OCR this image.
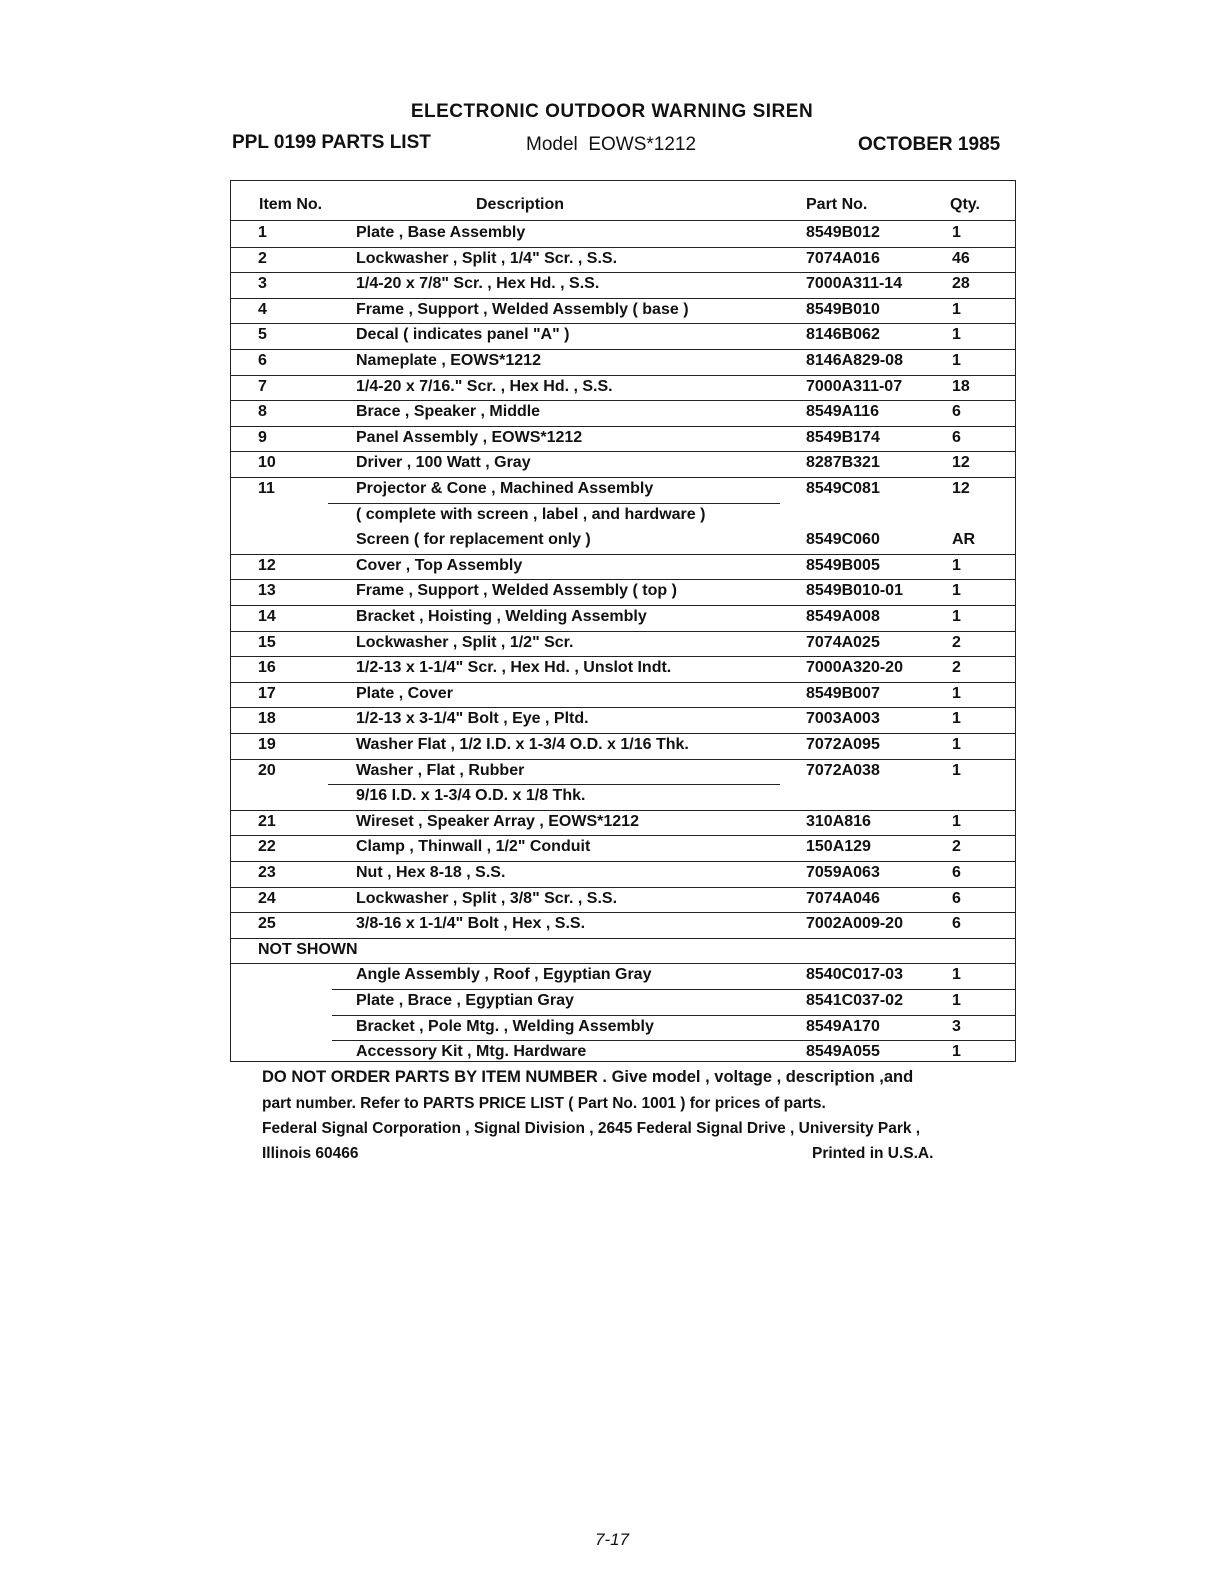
ELECTRONIC OUTDOOR WARNING SIREN
PPL 0199 PARTS LIST	Model EOWS*1212	OCTOBER 1985
Item No.	Description	Part No.	Qty.
1	Plate , Base Assembly	8549B012	1
2	Lockwasher , Split , 1/4" Scr. , S.S.	7074A016	46
3	1/4-20 x 7/8" Scr. , Hex Hd. , S.S.	7000A311-14	28
4	Frame , Support , Welded Assembly ( base )	8549B010	1
5	Decal ( indicates panel "A" )	8146B062	1
6	Nameplate , EOWS*1212	8146A829-08	1
7	1/4-20 x 7/16." Scr. , Hex Hd. , S.S.	7000A311-07	18
8	Brace , Speaker , Middle	8549A116	6
9	Panel Assembly , EOWS*1212	8549B174	6
10	Driver , 100 Watt , Gray	8287B321	12
11	Projector & Cone , Machined Assembly	8549C081	12
( complete with screen , label , and hardware )
Screen ( for replacement only )	8549C060	AR
12	Cover , Top Assembly	8549B005	1
13	Frame , Support , Welded Assembly ( top )	8549B010-01	1
14	Bracket , Hoisting , Welding Assembly	8549A008	1
15	Lockwasher , Split , 1/2" Scr.	7074A025	2
16	1/2-13 x 1-1/4" Scr. , Hex Hd. , Unslot Indt.	7000A320-20	2
17	Plate , Cover	8549B007	1
18	1/2-13 x 3-1/4" Bolt , Eye , Pltd.	7003A003	1
19	Washer Flat , 1/2 I.D. x 1-3/4 O.D. x 1/16 Thk.	7072A095	1
20	Washer , Flat , Rubber	7072A038	1
9/16 I.D. x 1-3/4 O.D. x 1/8 Thk.
21	Wireset , Speaker Array , EOWS*1212	310A816	1
22	Clamp , Thinwall , 1/2" Conduit	150A129	2
23	Nut , Hex 8-18 , S.S.	7059A063	6
24	Lockwasher , Split , 3/8" Scr. , S.S.	7074A046	6
25	3/8-16 x 1-1/4" Bolt , Hex , S.S.	7002A009-20	6
NOT SHOWN
Angle Assembly , Roof , Egyptian Gray	8540C017-03	1
Plate , Brace , Egyptian Gray	8541C037-02	1
Bracket , Pole Mtg. , Welding Assembly	8549A170	3
Accessory Kit , Mtg. Hardware	8549A055	1
DO NOT ORDER PARTS BY ITEM NUMBER . Give model , voltage , description ,and
part number. Refer to PARTS PRICE LIST ( Part No. 1001 ) for prices of parts.
Federal Signal Corporation , Signal Division , 2645 Federal Signal Drive , University Park ,
Illinois 60466	Printed in U.S.A.
7-17
